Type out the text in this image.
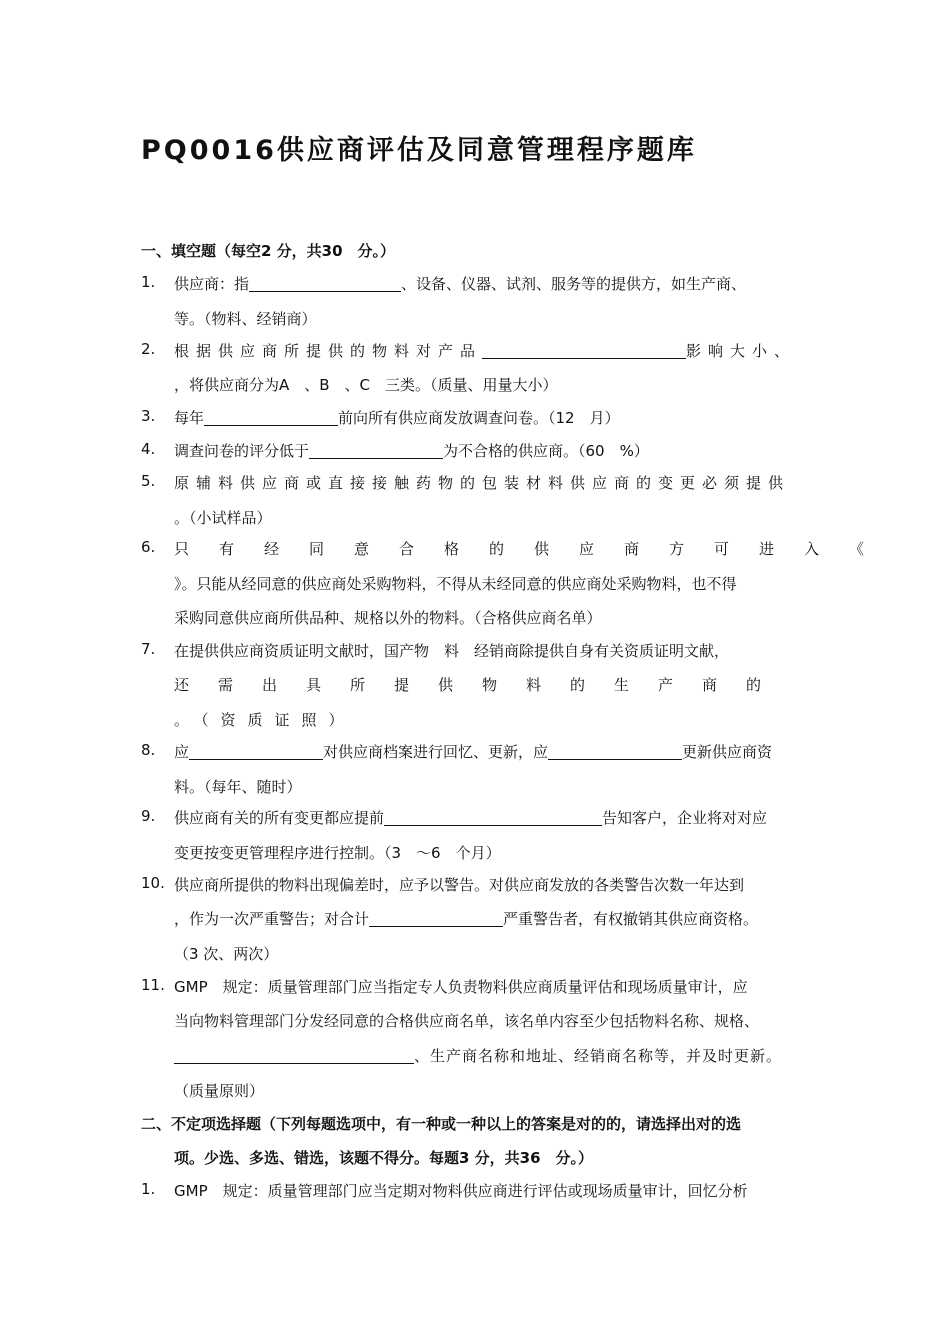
PQ0016供应商评估及同意管理程序题库
一、填空题（每空2 分，共30　分。）
1. 供应商：指	、设备、仪器、试剂、服务等的提供方，如生产商、
等。（物料、经销商）
2. 根据供应商所提供的物料对产品	影响大小、
，将供应商分为A　、B　、C　三类。（质量、用量大小）
3. 每年	前向所有供应商发放调查问卷。（12　月）
4. 调查问卷的评分低于	为不合格的供应商。（60　%）
5. 原辅料供应商或直接接触药物的包装材料供应商的变更必须提供
。（小试样品）
6. 只有经同意合格的供应商方可进入《
》。只能从经同意的供应商处采购物料，不得从未经同意的供应商处采购物料，也不得
采购同意供应商所供品种、规格以外的物料。（合格供应商名单）
7. 在提供供应商资质证明文献时，国产物　料　经销商除提供自身有关资质证明文献，
还需出具所提供物料的生产商的
。（资质证照）
8. 应	对供应商档案进行回忆、更新，应	更新供应商资
料。（每年、随时）
9. 供应商有关的所有变更都应提前	告知客户，企业将对对应
变更按变更管理程序进行控制。（3　～6　个月）
10. 供应商所提供的物料出现偏差时，应予以警告。对供应商发放的各类警告次数一年达到
，作为一次严重警告；对合计	严重警告者，有权撤销其供应商资格。
（3 次、两次）
11. GMP　规定：质量管理部门应当指定专人负责物料供应商质量评估和现场质量审计，应
当向物料管理部门分发经同意的合格供应商名单，该名单内容至少包括物料名称、规格、
、生产商名称和地址、经销商名称等，并及时更新。
（质量原则）
二、不定项选择题（下列每题选项中，有一种或一种以上的答案是对的的，请选择出对的选
项。少选、多选、错选，该题不得分。每题3 分，共36　分。）
1. GMP　规定：质量管理部门应当定期对物料供应商进行评估或现场质量审计，回忆分析
